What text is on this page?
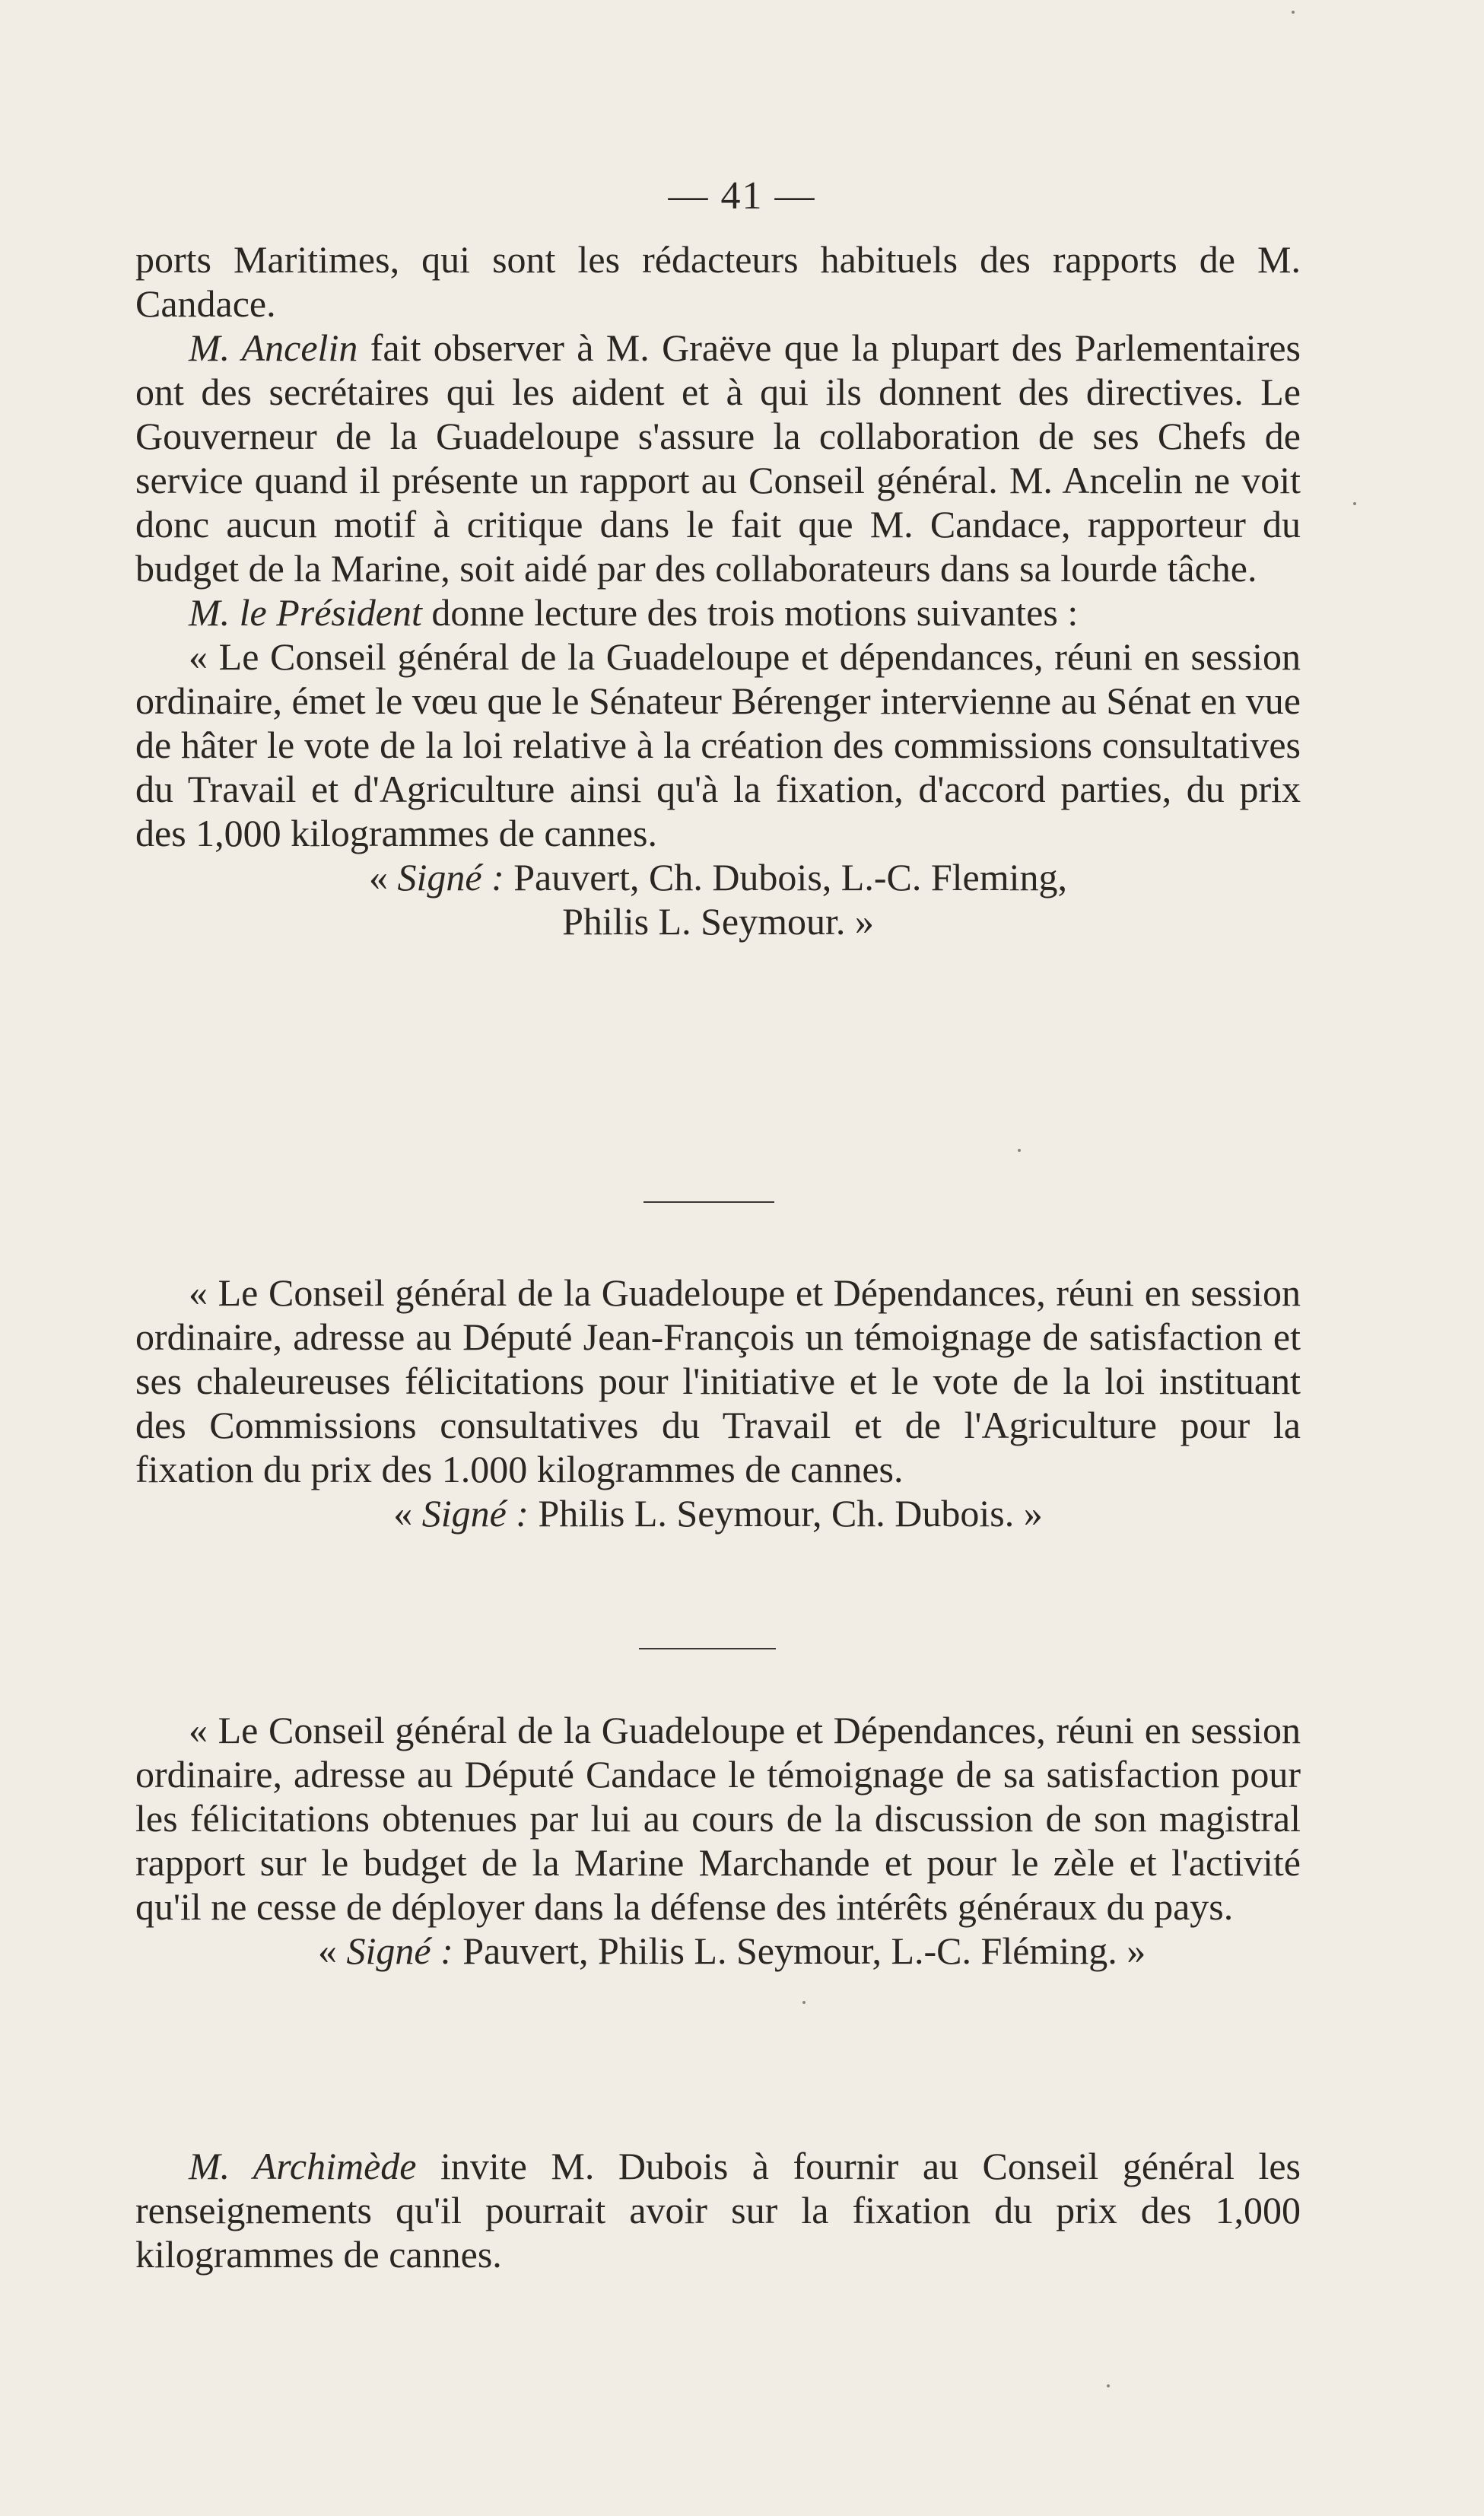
— 41 —

ports Maritimes, qui sont les rédacteurs habituels des rapports de M. Candace.

M. Ancelin fait observer à M. Graëve que la plupart des Parlementaires ont des secrétaires qui les aident et à qui ils donnent des directives. Le Gouverneur de la Guadeloupe s'assure la collaboration de ses Chefs de service quand il présente un rapport au Conseil général. M. Ancelin ne voit donc aucun motif à critique dans le fait que M. Candace, rapporteur du budget de la Marine, soit aidé par des collaborateurs dans sa lourde tâche.

M. le Président donne lecture des trois motions suivantes :

« Le Conseil général de la Guadeloupe et dépendances, réuni en session ordinaire, émet le vœu que le Sénateur Bérenger intervienne au Sénat en vue de hâter le vote de la loi relative à la création des commissions consultatives du Travail et d'Agriculture ainsi qu'à la fixation, d'accord parties, du prix des 1,000 kilogrammes de cannes.

« Signé : Pauvert, Ch. Dubois, L.-C. Fleming,

Philis L. Seymour. »

« Le Conseil général de la Guadeloupe et Dépendances, réuni en session ordinaire, adresse au Député Jean-François un témoignage de satisfaction et ses chaleureuses félicitations pour l'initiative et le vote de la loi instituant des Commissions consultatives du Travail et de l'Agriculture pour la fixation du prix des 1.000 kilogrammes de cannes.

« Signé : Philis L. Seymour, Ch. Dubois. »

« Le Conseil général de la Guadeloupe et Dépendances, réuni en session ordinaire, adresse au Député Candace le témoignage de sa satisfaction pour les félicitations obtenues par lui au cours de la discussion de son magistral rapport sur le budget de la Marine Marchande et pour le zèle et l'activité qu'il ne cesse de déployer dans la défense des intérêts généraux du pays.

« Signé : Pauvert, Philis L. Seymour, L.-C. Fléming. »

M. Archimède invite M. Dubois à fournir au Conseil général les renseignements qu'il pourrait avoir sur la fixation du prix des 1,000 kilogrammes de cannes.
